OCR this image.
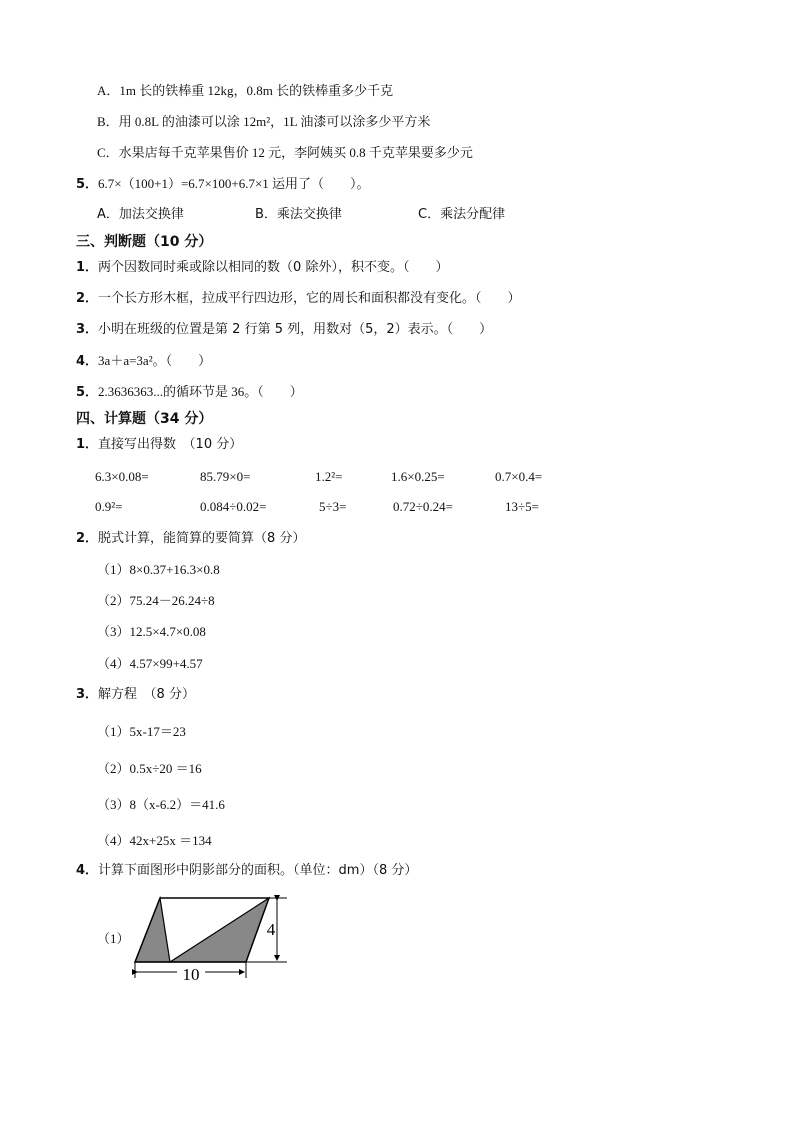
A．1m 长的铁棒重 12kg，0.8m 长的铁棒重多少千克
B．用 0.8L 的油漆可以涂 12m²，1L 油漆可以涂多少平方米
C．水果店每千克苹果售价 12 元，李阿姨买 0.8 千克苹果要多少元
5．6.7×（100+1）=6.7×100+6.7×1 运用了（　　）。
A．加法交换律	B．乘法交换律	C．乘法分配律
三、判断题（10 分）
1．两个因数同时乘或除以相同的数（0 除外），积不变。（　　）
2．一个长方形木框，拉成平行四边形，它的周长和面积都没有变化。（　　）
3．小明在班级的位置是第 2 行第 5 列，用数对（5，2）表示。（　　）
4．3a＋a=3a²。（　　）
5．2.3636363...的循环节是 36。（　　）
四、计算题（34 分）
1．直接写出得数　（10 分）
6.3×0.08=	85.79×0=	1.2²=	1.6×0.25=	0.7×0.4=
0.9²=	0.084÷0.02=	5÷3=	0.72÷0.24=	13÷5=
2．脱式计算，能简算的要简算（8 分）
（1）8×0.37+16.3×0.8
（2）75.24－26.24÷8
（3）12.5×4.7×0.08
（4）4.57×99+4.57
3．解方程　（8 分）
（1）5x-17＝23
（2）0.5x÷20 ＝16
（3）8（x-6.2）＝41.6
（4）42x+25x ＝134
4．计算下面图形中阴影部分的面积。（单位：dm）（8 分）
（1）
10
4
